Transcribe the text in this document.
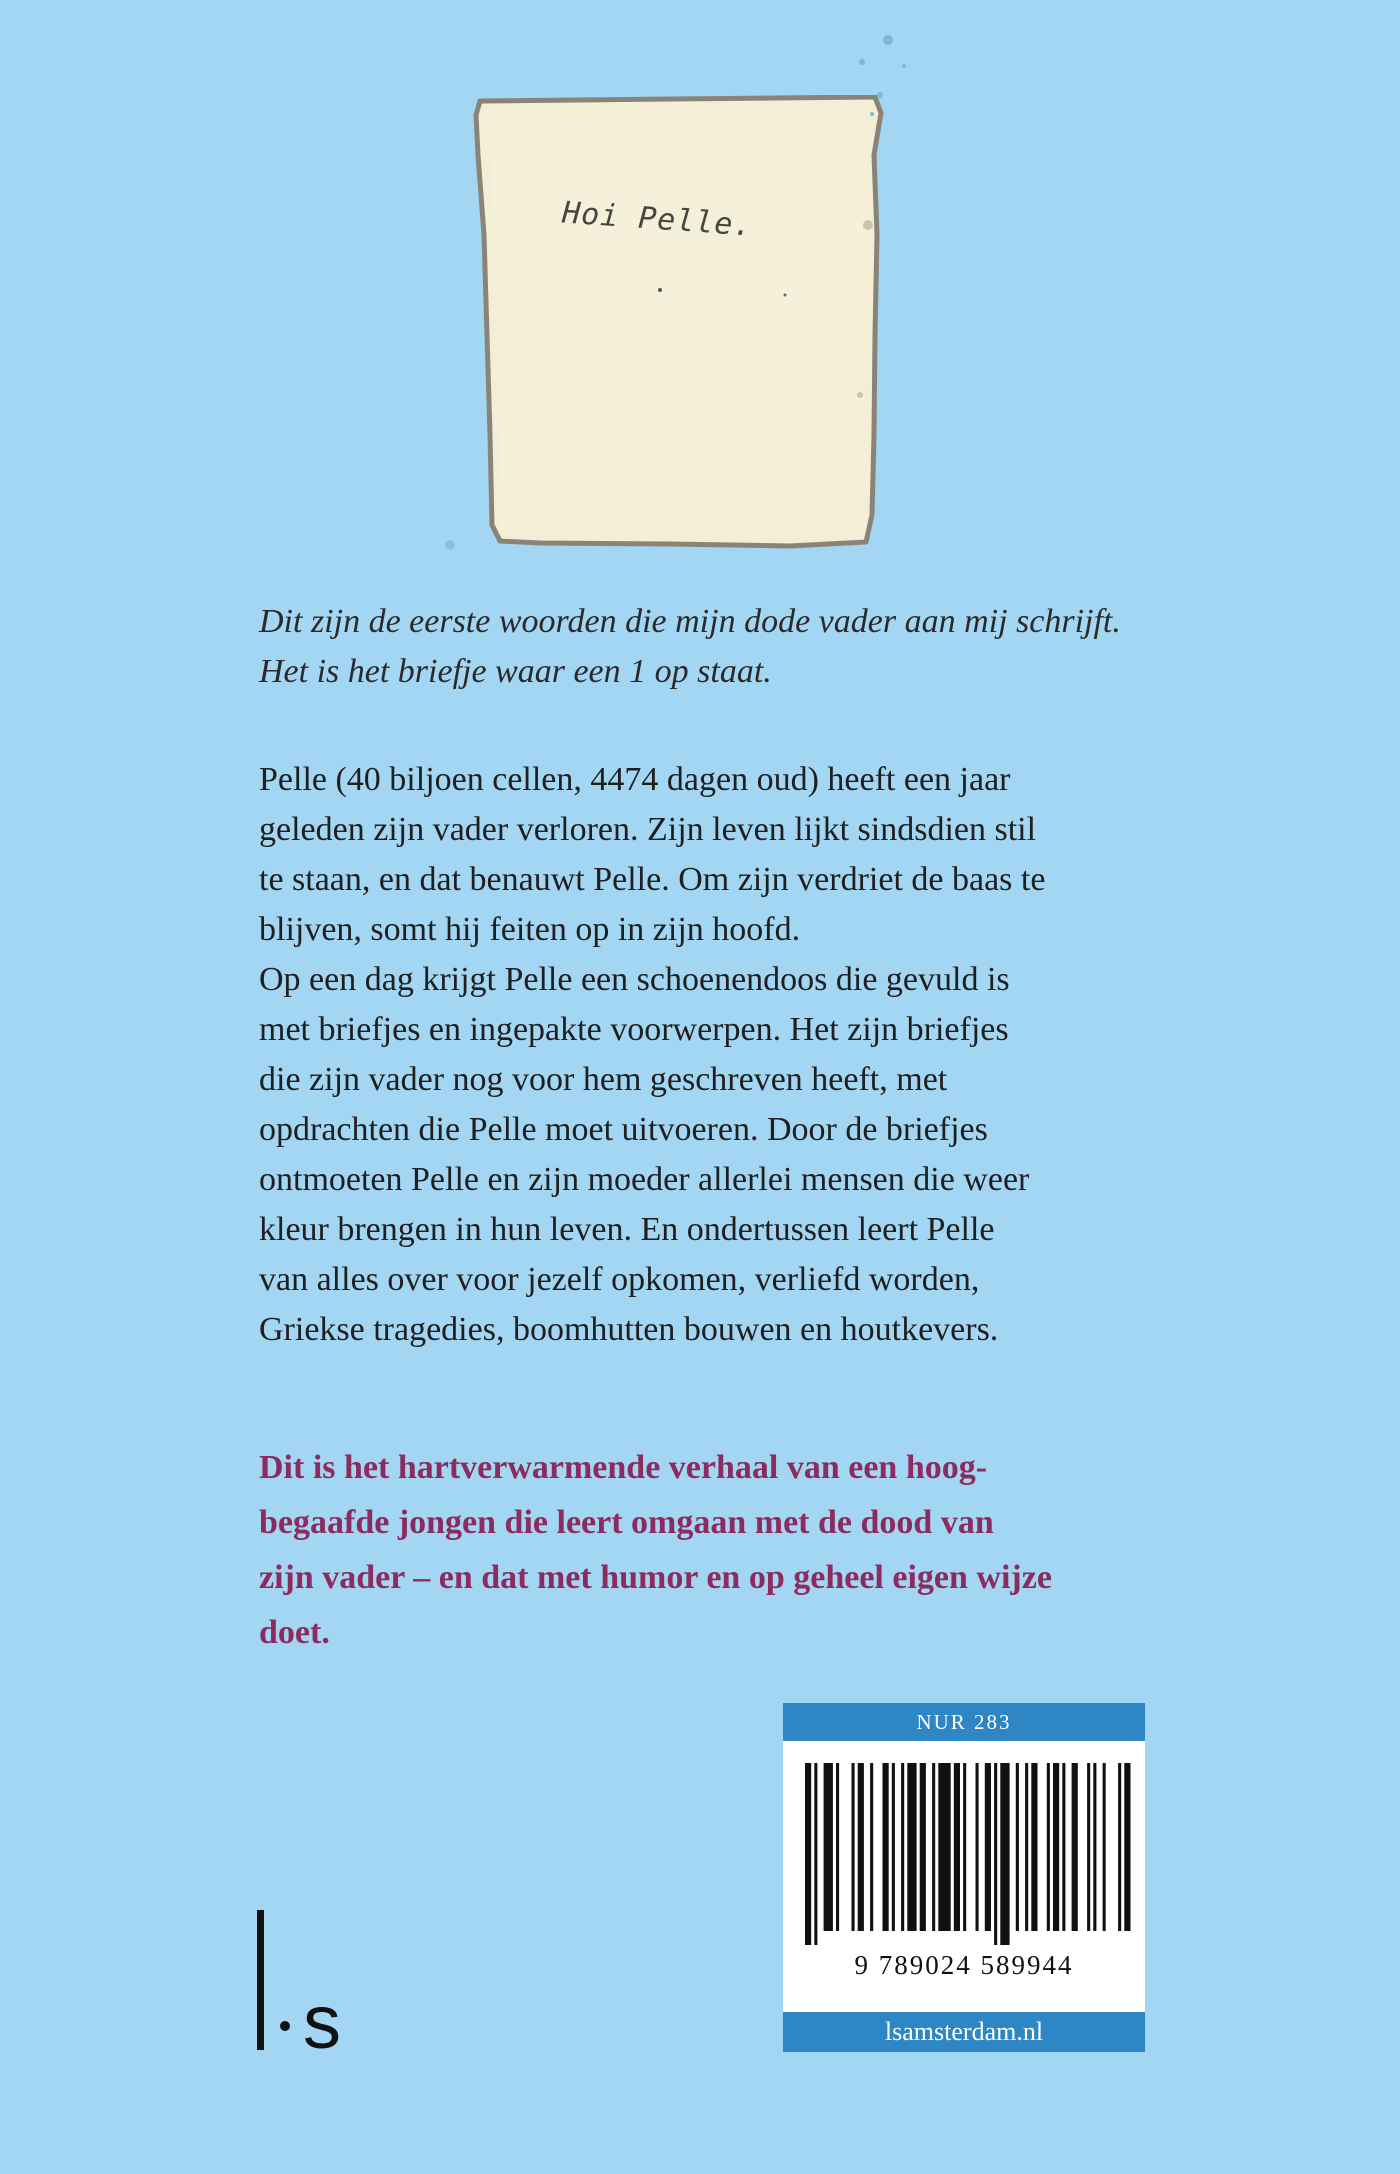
Hoi Pelle.
Dit zijn de eerste woorden die mijn dode vader aan mij schrijft.
Het is het briefje waar een 1 op staat.
Pelle (40 biljoen cellen, 4474 dagen oud) heeft een jaar
geleden zijn vader verloren. Zijn leven lijkt sindsdien stil
te staan, en dat benauwt Pelle. Om zijn verdriet de baas te
blijven, somt hij feiten op in zijn hoofd.
Op een dag krijgt Pelle een schoenendoos die gevuld is
met briefjes en ingepakte voorwerpen. Het zijn briefjes
die zijn vader nog voor hem geschreven heeft, met
opdrachten die Pelle moet uitvoeren. Door de briefjes
ontmoeten Pelle en zijn moeder allerlei mensen die weer
kleur brengen in hun leven. En ondertussen leert Pelle
van alles over voor jezelf opkomen, verliefd worden,
Griekse tragedies, boomhutten bouwen en houtkevers.
Dit is het hartverwarmende verhaal van een hoog-
begaafde jongen die leert omgaan met de dood van
zijn vader – en dat met humor en op geheel eigen wijze
doet.
s
NUR 283
9 789024 589944
lsamsterdam.nl
